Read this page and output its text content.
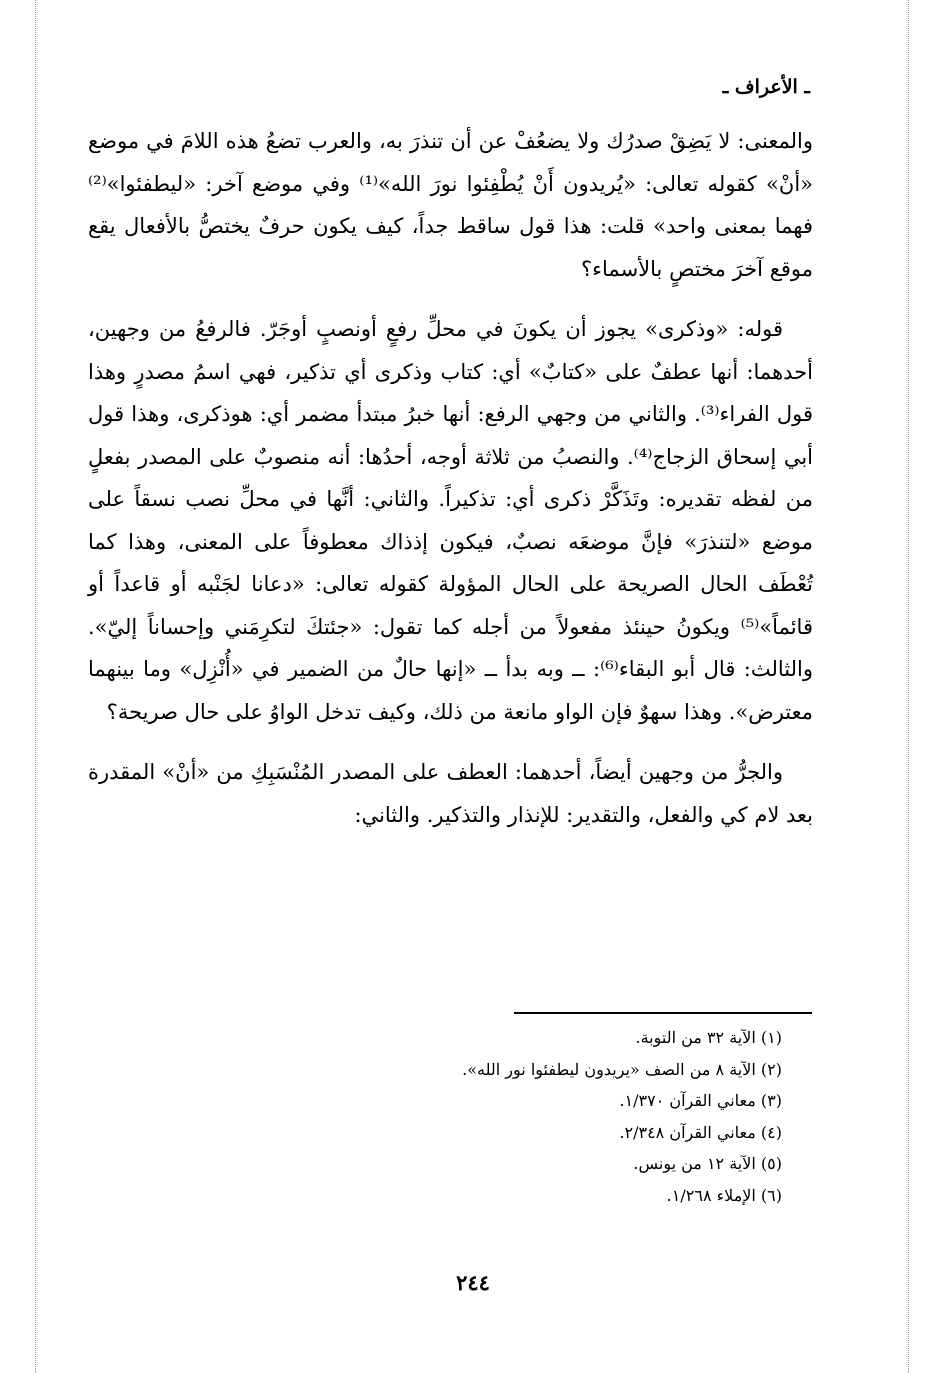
ـ الأعراف ـ

والمعنى: لا يَضِقْ صدرُك ولا يضعُفْ عن أن تنذرَ به، والعرب تضعُ هذه اللامَ في موضع «أنْ» كقوله تعالى: «يُريدون أَنْ يُطْفِئوا نورَ الله»⁽¹⁾ وفي موضع آخر: «ليطفئوا»⁽²⁾ فهما بمعنى واحد» قلت: هذا قول ساقط جداً، كيف يكون حرفٌ يختصُّ بالأفعال يقع موقع آخرَ مختصٍ بالأسماء؟

قوله: «وذكرى» يجوز أن يكونَ في محلِّ رفعٍ أونصبٍ أوجَرّ. فالرفعُ من وجهين، أحدهما: أنها عطفٌ على «كتابٌ» أي: كتاب وذكرى أي تذكير، فهي اسمُ مصدرٍ وهذا قول الفراء⁽³⁾. والثاني من وجهي الرفع: أنها خبرُ مبتدأ مضمر أي: هوذكرى، وهذا قول أبي إسحاق الزجاج⁽⁴⁾. والنصبُ من ثلاثة أوجه، أحدُها: أنه منصوبٌ على المصدر بفعلٍ من لفظه تقديره: وتَذَكَّرْ ذكرى أي: تذكيراً. والثاني: أنَّها في محلِّ نصب نسقاً على موضع «لتنذرَ» فإنَّ موضعَه نصبٌ، فيكون إذذاك معطوفاً على المعنى، وهذا كما تُعْطَف الحال الصريحة على الحال المؤولة كقوله تعالى: «دعانا لجَنْبه أو قاعداً أو قائماً»⁽⁵⁾ ويكونُ حينئذ مفعولاً من أجله كما تقول: «جئتكَ لتكرِمَني وإحساناً إليّ». والثالث: قال أبو البقاء⁽⁶⁾: ــ وبه بدأ ــ «إنها حالٌ من الضمير في «أُنْزِل» وما بينهما معترض». وهذا سهوٌ فإن الواو مانعة من ذلك، وكيف تدخل الواوُ على حال صريحة؟

والجرُّ من وجهين أيضاً، أحدهما: العطف على المصدر المُنْسَبِكِ من «أنْ» المقدرة بعد لام كي والفعل، والتقدير: للإنذار والتذكير. والثاني:

(١) الآية ٣٢ من التوبة.
(٢) الآية ٨ من الصف «يريدون ليطفئوا نور الله».
(٣) معاني القرآن ١/٣٧٠.
(٤) معاني القرآن ٢/٣٤٨.
(٥) الآية ١٢ من يونس.
(٦) الإملاء ١/٢٦٨.
٢٤٤
